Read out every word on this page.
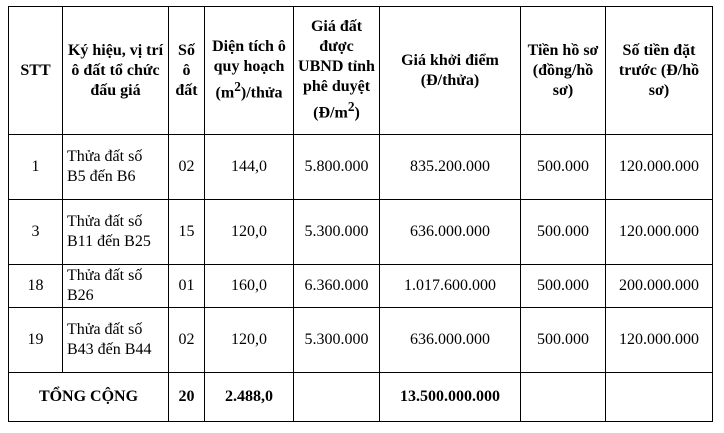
STT	Ký hiệu, vị trí ô đất tổ chức đấu giá	Số ô đất	Diện tích ô quy hoạch $(m^2)$/thửa	Giá đất được UBND tỉnh phê duyệt $(Đ/m^2)$	Giá khởi điểm (Đ/thửa)	Tiền hồ sơ (đồng/hồ sơ)	Số tiền đặt trước (Đ/hồ sơ)
1	Thửa đất số B5 đến B6	02	144,0	5.800.000	835.200.000	500.000	120.000.000
3	Thửa đất số B11 đến B25	15	120,0	5.300.000	636.000.000	500.000	120.000.000
18	Thửa đất số B26	01	160,0	6.360.000	1.017.600.000	500.000	200.000.000
19	Thửa đất số B43 đến B44	02	120,0	5.300.000	636.000.000	500.000	120.000.000
TỔNG CỘNG		20	2.488,0		13.500.000.000		
